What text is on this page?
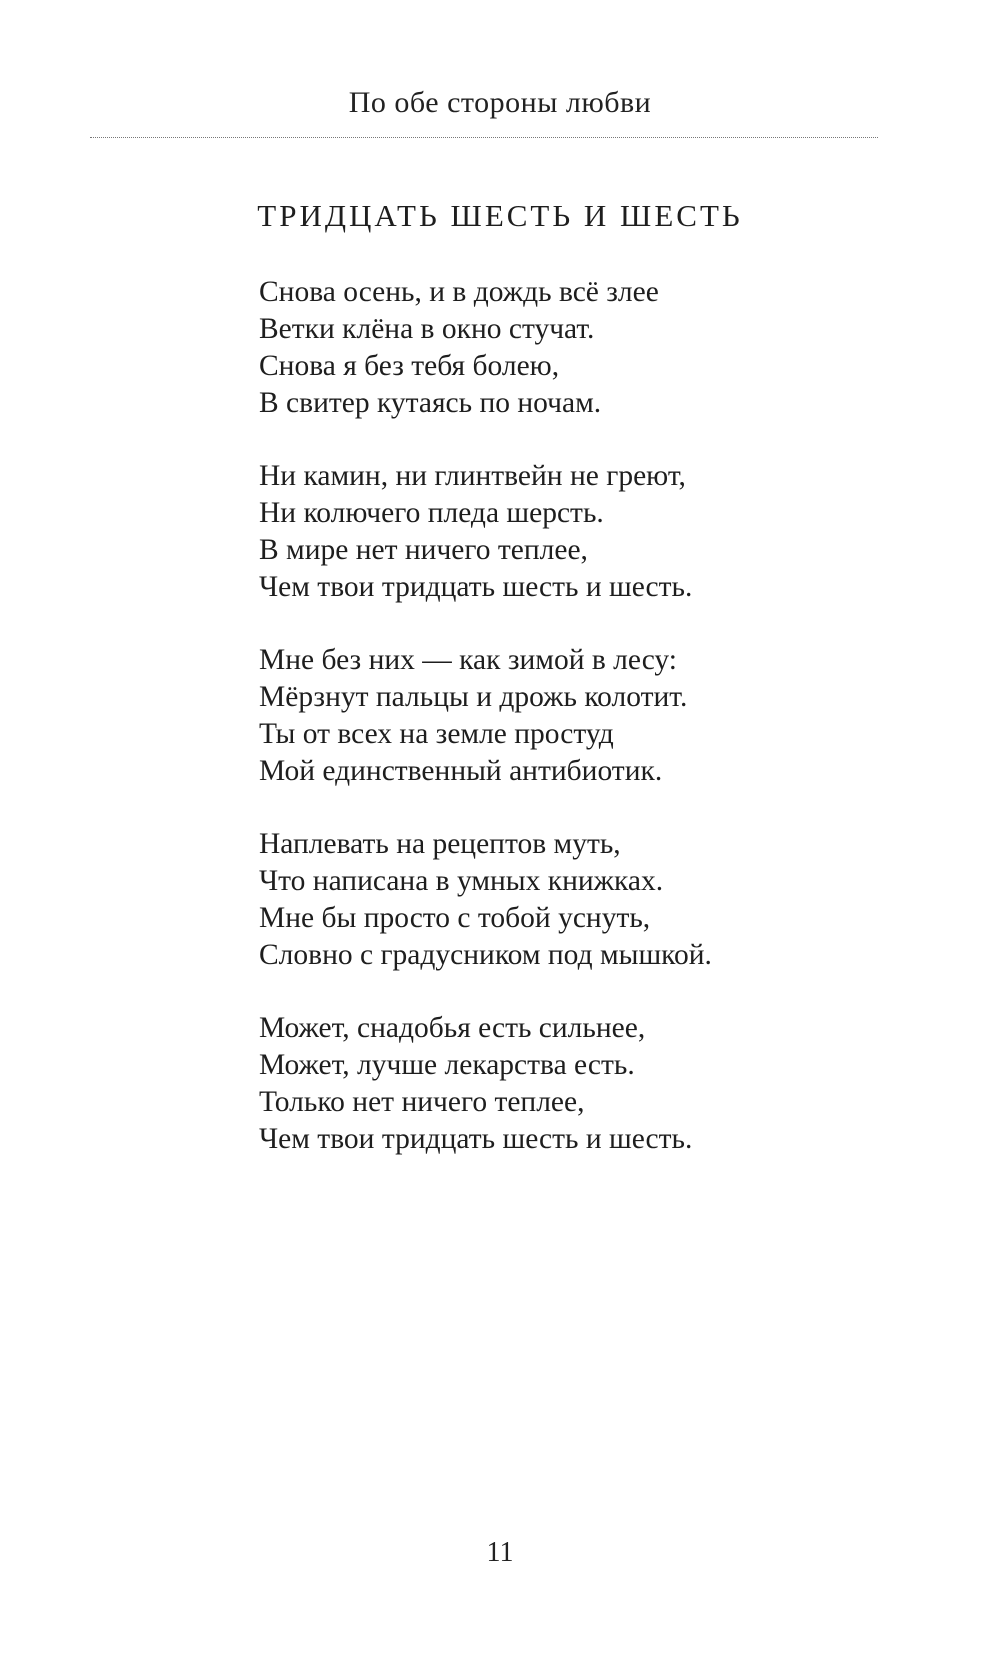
По обе стороны любви
ТРИДЦАТЬ ШЕСТЬ И ШЕСТЬ
Снова осень, и в дождь всё злее
Ветки клёна в окно стучат.
Снова я без тебя болею,
В свитер кутаясь по ночам.
Ни камин, ни глинтвейн не греют,
Ни колючего пледа шерсть.
В мире нет ничего теплее,
Чем твои тридцать шесть и шесть.
Мне без них — как зимой в лесу:
Мёрзнут пальцы и дрожь колотит.
Ты от всех на земле простуд
Мой единственный антибиотик.
Наплевать на рецептов муть,
Что написана в умных книжках.
Мне бы просто с тобой уснуть,
Словно с градусником под мышкой.
Может, снадобья есть сильнее,
Может, лучше лекарства есть.
Только нет ничего теплее,
Чем твои тридцать шесть и шесть.
11
